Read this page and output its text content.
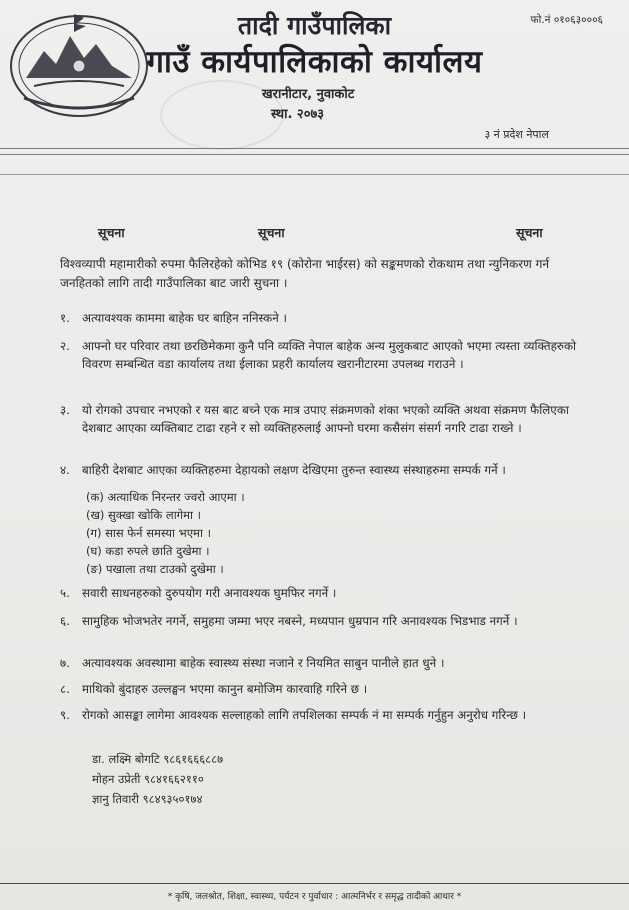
तादी गाउँपालिका
गाउँ कार्यपालिकाको कार्यालय
खरानीटार, नुवाकोट
स्था. २०७३
फो.नं ०१०६३०००६
३ नं प्रदेश नेपाल
सूचना	सूचना	सूचना
विश्वव्यापी महामारीको रुपमा फैलिरहेको कोभिड १९ (कोरोना भाईरस) को सङ्कमणको रोकथाम तथा न्युनिकरण गर्न जनहितको लागि तादी गाउँपालिका बाट जारी सुचना ।
१. अत्यावश्यक काममा बाहेक घर बाहिन ननिस्कने ।
२. आफ्नो घर परिवार तथा छरछिमेकमा कुनै पनि व्यक्ति नेपाल बाहेक अन्य मुलुकबाट आएको भएमा त्यस्ता व्यक्तिहरुको विवरण सम्बन्धित वडा कार्यालय तथा ईलाका प्रहरी कार्यालय खरानीटारमा उपलब्ध गराउने ।
३. यो रोगको उपचार नभएको र यस बाट बच्ने एक मात्र उपाए संक्रमणको शंका भएको व्यक्ति अथवा संक्रमण फैलिएका देशबाट आएका व्यक्तिबाट टाढा रहने र सो व्यक्तिहरुलाई आफ्नो घरमा कसैसंग संसर्ग नगरि टाढा राख्ने ।
४. बाहिरी देशबाट आएका व्यक्तिहरुमा देहायको लक्षण देखिएमा तुरुन्त स्वास्थ्य संस्थाहरुमा सम्पर्क गर्ने ।
(क) अत्याधिक निरन्तर ज्वरो आएमा ।
(ख) सुक्खा खोकि लागेमा ।
(ग) सास फेर्न समस्या भएमा ।
(घ) कडा रुपले छाति दुखेमा ।
(ङ) पखाला तथा टाउको दुखेमा ।
५. सवारी साधनहरुको दुरुपयोग गरी अनावश्यक घुमफिर नगर्ने ।
६. सामुहिक भोजभतेर नगर्ने, समुहमा जम्मा भएर नबस्ने, मध्यपान धुम्रपान गरि अनावश्यक भिडभाड नगर्ने ।
७. अत्यावश्यक अवस्थामा बाहेक स्वास्थ्य संस्था नजाने र नियमित साबुन पानीले हात धुने ।
८. माथिको बुंदाहरु उल्लङ्घन भएमा कानुन बमोजिम कारवाहि गरिने छ ।
९. रोगको आसङ्का लागेमा आवश्यक सल्लाहको लागि तपशिलका सम्पर्क नं मा सम्पर्क गर्नुहुन अनुरोध गरिन्छ ।
डा. लक्ष्मि बोगटि ९८६१६६६८८७
मोहन उप्रेती ९८४१६६२११०
ज्ञानु तिवारी ९८४९३५०१७४
* कृषि, जलश्रोत, शिक्षा, स्वास्थ्य, पर्यटन र पुर्वाधार : आत्मनिर्भर र समृद्ध तादीको आधार *
